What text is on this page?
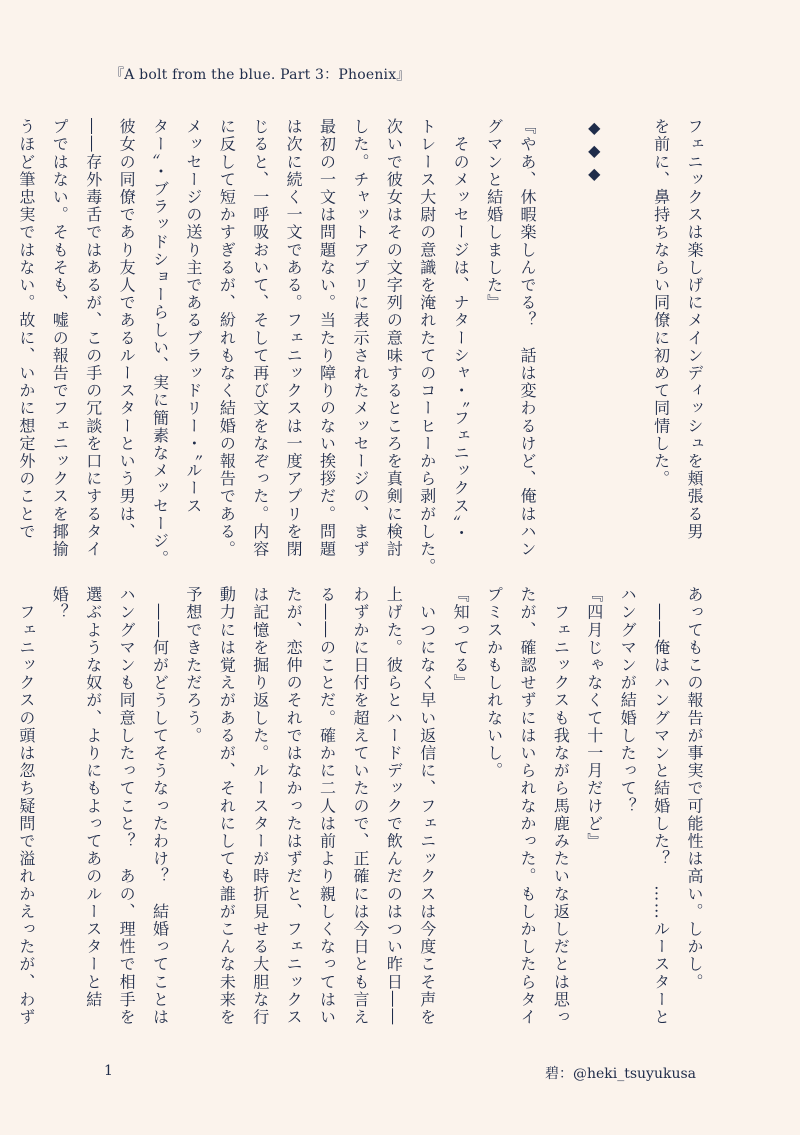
『A bolt from the blue. Part 3：Phoenix』
フェニックスは楽しげにメインディッシュを頬張る男
を前に、鼻持ちならい同僚に初めて同情した。

◆◆◆

『やあ、休暇楽しんでる？　話は変わるけど、俺はハン
グマンと結婚しました』
　そのメッセージは、ナターシャ・〝フェニックス〟・
トレース大尉の意識を淹れたてのコーヒーから剥がした。
次いで彼女はその文字列の意味するところを真剣に検討
した。チャットアプリに表示されたメッセージの、まず
最初の一文は問題ない。当たり障りのない挨拶だ。問題
は次に続く一文である。フェニックスは一度アプリを閉
じると、一呼吸おいて、そして再び文をなぞった。内容
に反して短かすぎるが、紛れもなく結婚の報告である。
メッセージの送り主であるブラッドリー・〝ルース
ター〟・ブラッドショーらしい、実に簡素なメッセージ。
彼女の同僚であり友人であるルースターという男は、
――存外毒舌ではあるが、この手の冗談を口にするタイ
プではない。そもそも、嘘の報告でフェニックスを揶揄
うほど筆忠実ではない。故に、いかに想定外のことで
あってもこの報告が事実で可能性は高い。しかし。
　――俺はハングマンと結婚した？　……ルースターと
ハングマンが結婚したって？
『四月じゃなくて十一月だけど』
　フェニックスも我ながら馬鹿みたいな返しだとは思っ
たが、確認せずにはいられなかった。もしかしたらタイ
プミスかもしれないし。
『知ってる』
　いつになく早い返信に、フェニックスは今度こそ声を
上げた。彼らとハードデックで飲んだのはつい昨日――
わずかに日付を超えていたので、正確には今日とも言え
る――のことだ。確かに二人は前より親しくなってはい
たが、恋仲のそれではなかったはずだと、フェニックス
は記憶を掘り返した。ルースターが時折見せる大胆な行
動力には覚えがあるが、それにしても誰がこんな未来を
予想できただろう。
　――何がどうしてそうなったわけ？　結婚ってことは
ハングマンも同意したってこと？　あの、理性で相手を
選ぶような奴が、よりにもよってあのルースターと結
婚？
　フェニックスの頭は忽ち疑問で溢れかえったが、わず
1	碧：@heki_tsuyukusa
